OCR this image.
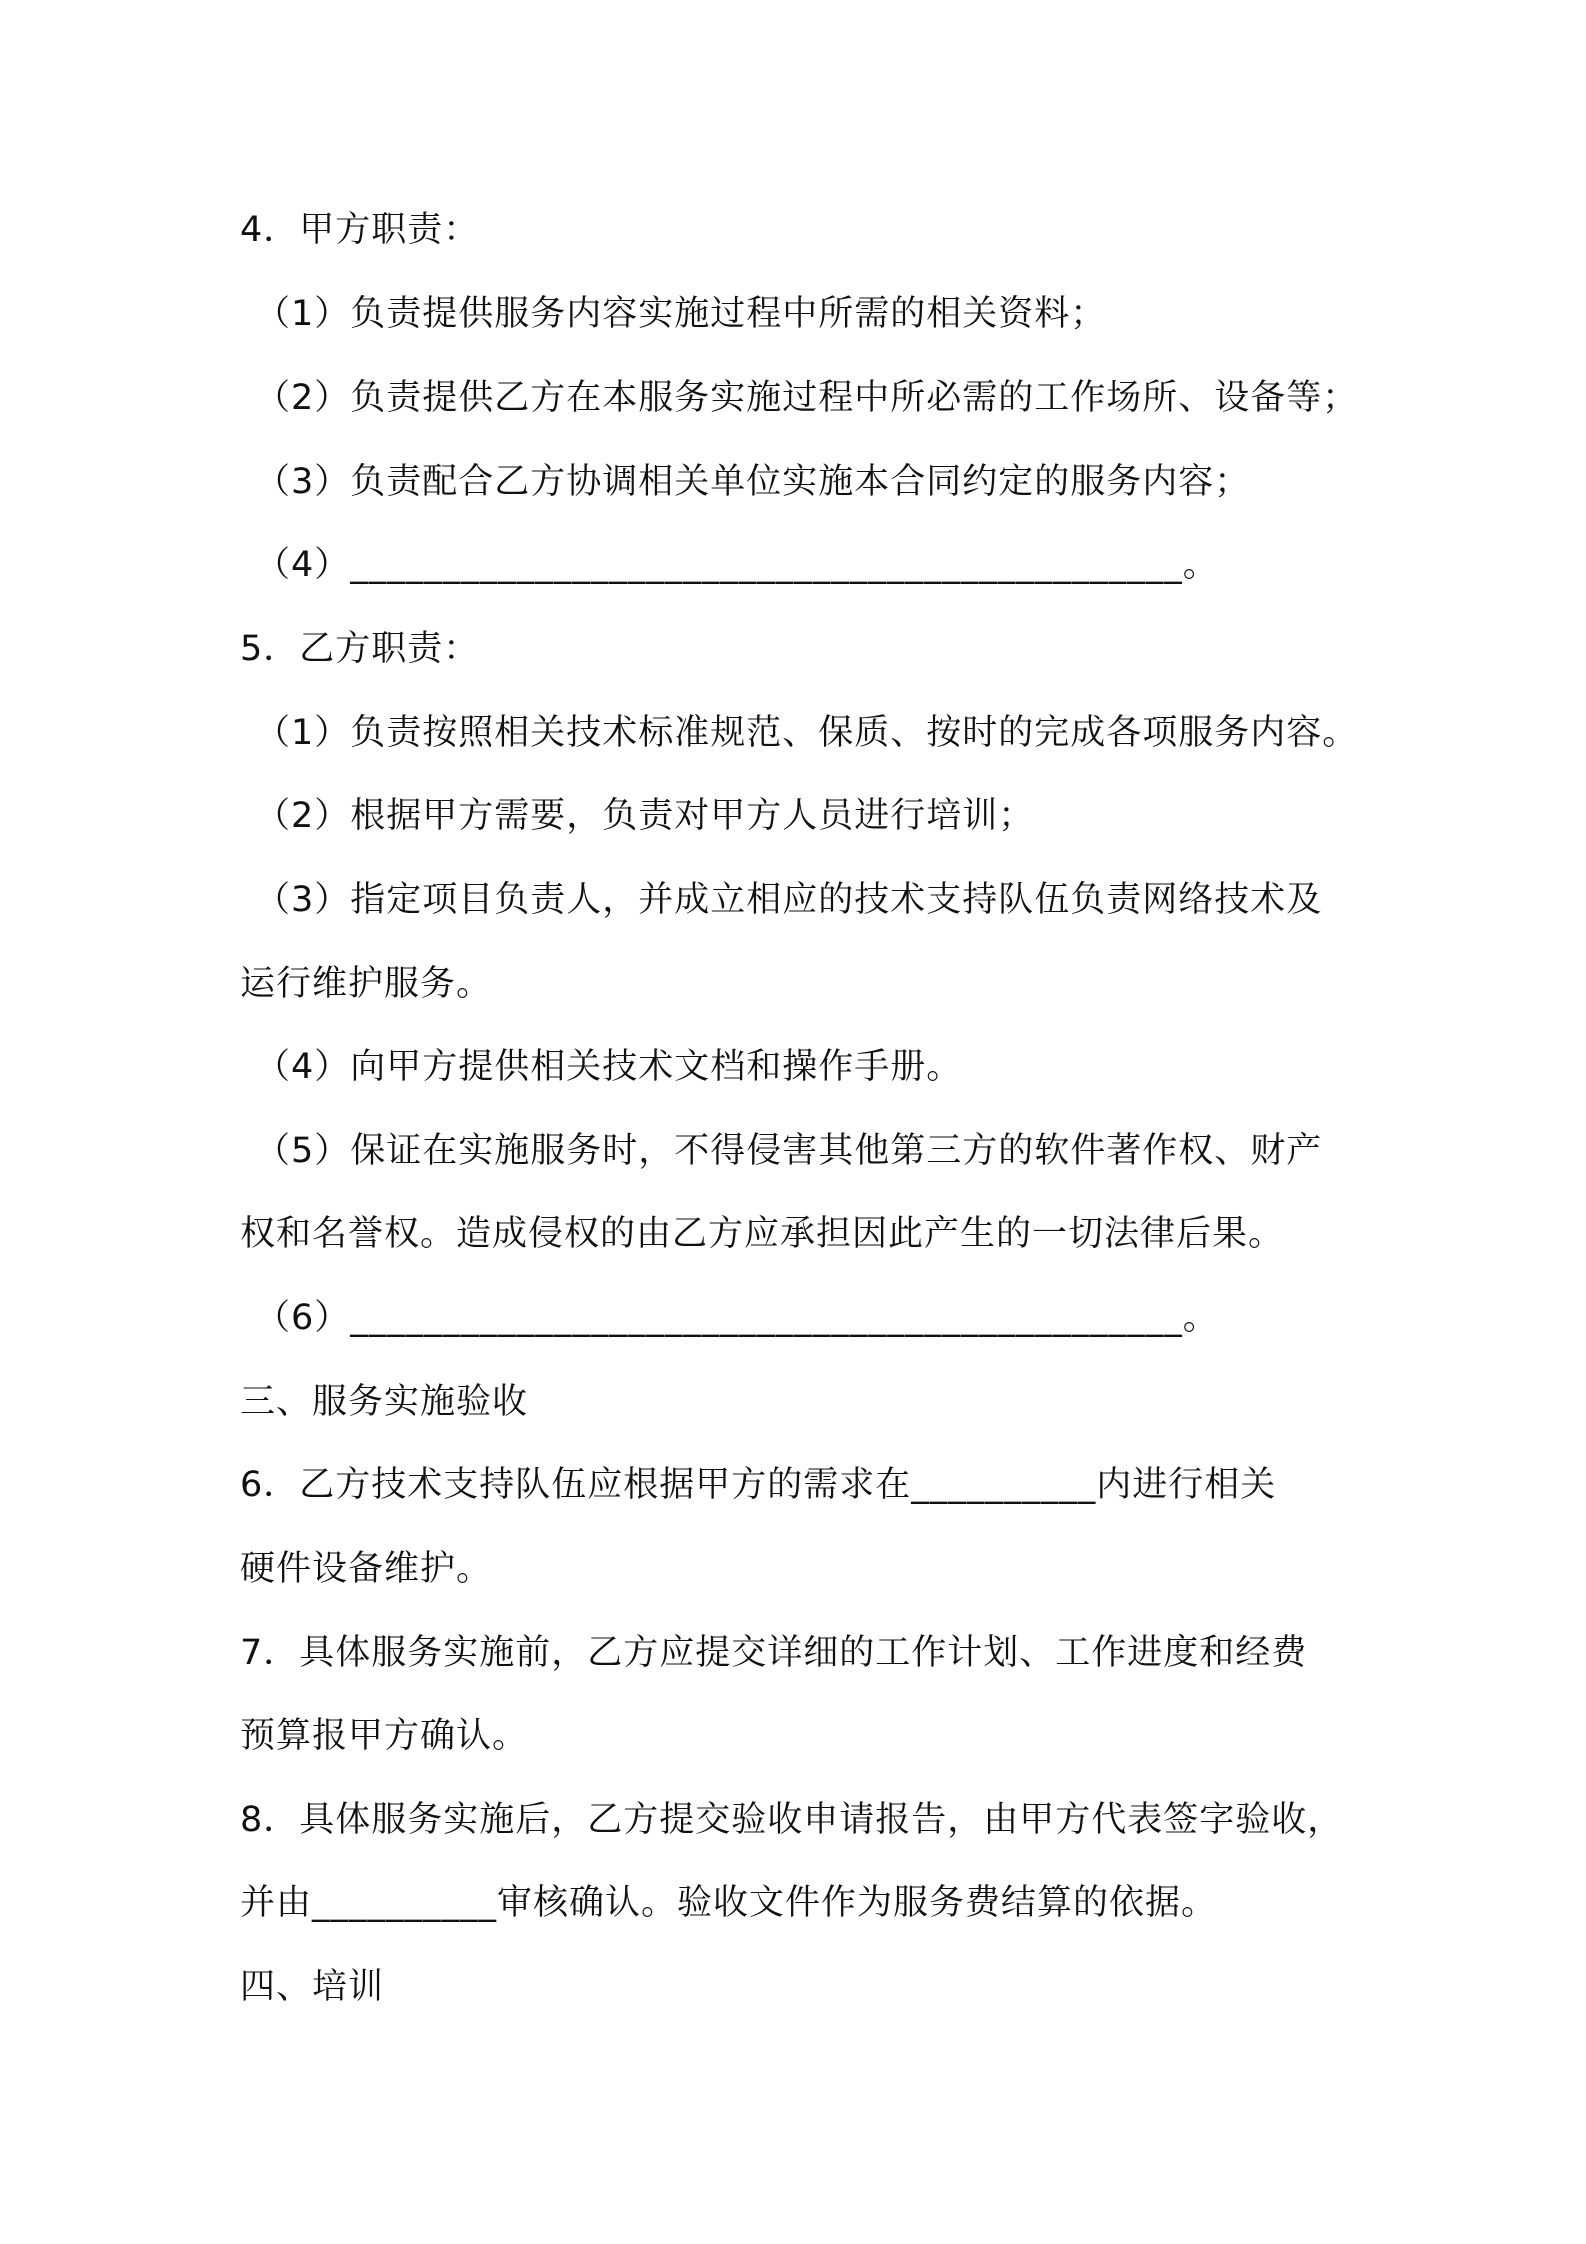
4．甲方职责：
（1）负责提供服务内容实施过程中所需的相关资料；
（2）负责提供乙方在本服务实施过程中所必需的工作场所、设备等；
（3）负责配合乙方协调相关单位实施本合同约定的服务内容；
（4）_____________________________________________。
5．乙方职责：
（1）负责按照相关技术标准规范、保质、按时的完成各项服务内容。
（2）根据甲方需要，负责对甲方人员进行培训；
（3）指定项目负责人，并成立相应的技术支持队伍负责网络技术及
运行维护服务。
（4）向甲方提供相关技术文档和操作手册。
（5）保证在实施服务时，不得侵害其他第三方的软件著作权、财产
权和名誉权。造成侵权的由乙方应承担因此产生的一切法律后果。
（6）_____________________________________________。
三、服务实施验收
6．乙方技术支持队伍应根据甲方的需求在__________内进行相关
硬件设备维护。
7．具体服务实施前，乙方应提交详细的工作计划、工作进度和经费
预算报甲方确认。
8．具体服务实施后，乙方提交验收申请报告，由甲方代表签字验收，
并由__________审核确认。验收文件作为服务费结算的依据。
四、培训
